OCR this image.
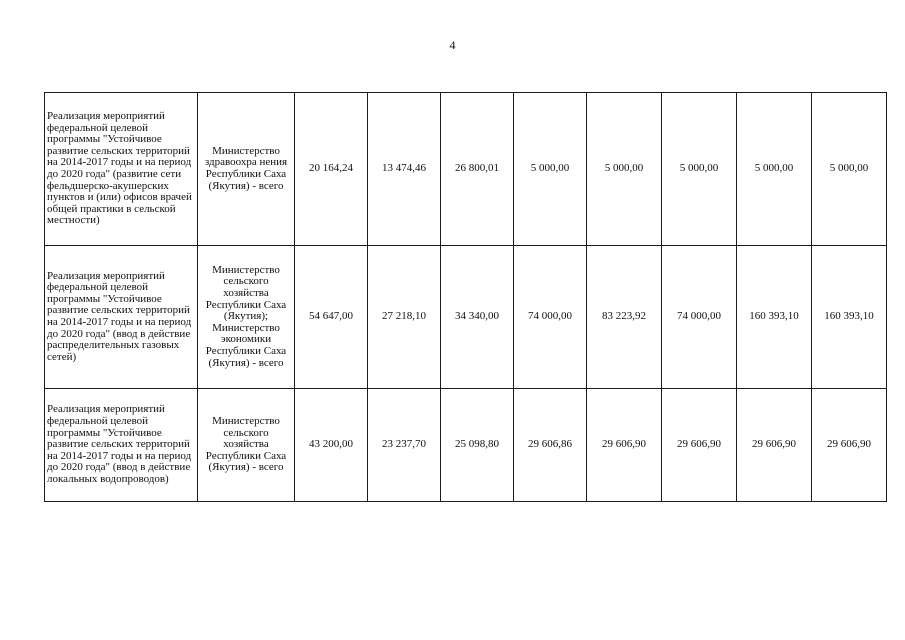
4
Реализация мероприятий федеральной целевой программы "Устойчивое развитие сельских территорий на 2014-2017 годы и на период до 2020 года" (развитие сети фельдшерско-акушерских пунктов и (или) офисов врачей общей практики в сельской местности)	Министерство здравоохра нения Республики Саха (Якутия) - всего	20 164,24	13 474,46	26 800,01	5 000,00	5 000,00	5 000,00	5 000,00	5 000,00

Реализация мероприятий федеральной целевой программы "Устойчивое развитие сельских территорий на 2014-2017 годы и на период до 2020 года" (ввод в действие распределительных газовых сетей)	Министерство сельского хозяйства Республики Саха (Якутия); Министерство экономики Республики Саха (Якутия) - всего	54 647,00	27 218,10	34 340,00	74 000,00	83 223,92	74 000,00	160 393,10	160 393,10

Реализация мероприятий федеральной целевой программы "Устойчивое развитие сельских территорий на 2014-2017 годы и на период до 2020 года" (ввод в действие локальных водопроводов)	Министерство сельского хозяйства Республики Саха (Якутия) - всего	43 200,00	23 237,70	25 098,80	29 606,86	29 606,90	29 606,90	29 606,90	29 606,90
